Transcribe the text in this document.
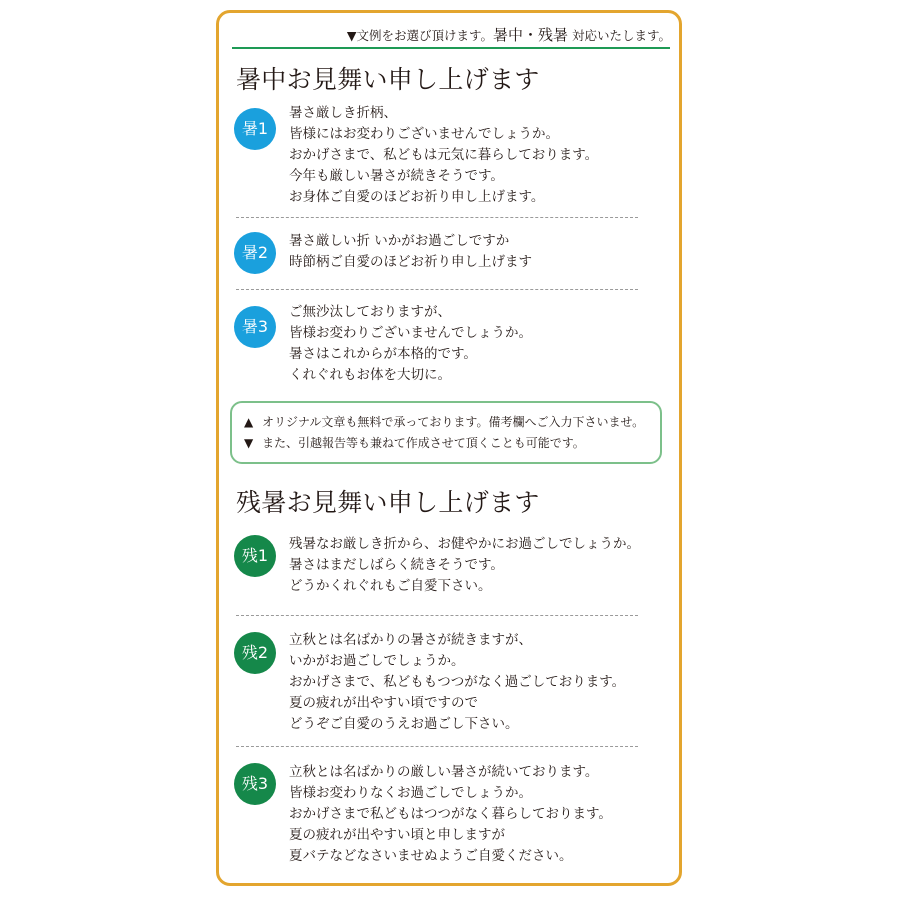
▼文例をお選び頂けます。暑中・残暑 対応いたします。
暑中お見舞い申し上げます
暑1
暑さ厳しき折柄、
皆様にはお変わりございませんでしょうか。
おかげさまで、私どもは元気に暮らしております。
今年も厳しい暑さが続きそうです。
お身体ご自愛のほどお祈り申し上げます。
暑2
暑さ厳しい折 いかがお過ごしですか
時節柄ご自愛のほどお祈り申し上げます
暑3
ご無沙汰しておりますが、
皆様お変わりございませんでしょうか。
暑さはこれからが本格的です。
くれぐれもお体を大切に。
▲ オリジナル文章も無料で承っております。備考欄へご入力下さいませ。
▼ また、引越報告等も兼ねて作成させて頂くことも可能です。
残暑お見舞い申し上げます
残1
残暑なお厳しき折から、お健やかにお過ごしでしょうか。
暑さはまだしばらく続きそうです。
どうかくれぐれもご自愛下さい。
残2
立秋とは名ばかりの暑さが続きますが、
いかがお過ごしでしょうか。
おかげさまで、私どももつつがなく過ごしております。
夏の疲れが出やすい頃ですので
どうぞご自愛のうえお過ごし下さい。
残3
立秋とは名ばかりの厳しい暑さが続いております。
皆様お変わりなくお過ごしでしょうか。
おかげさまで私どもはつつがなく暮らしております。
夏の疲れが出やすい頃と申しますが
夏バテなどなさいませぬようご自愛ください。
